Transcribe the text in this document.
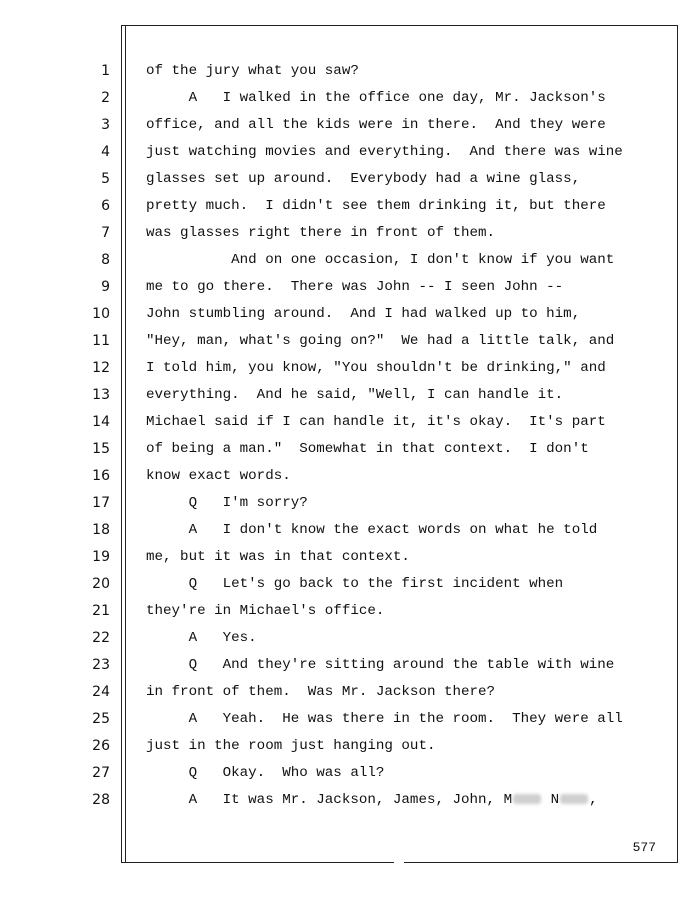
1
2
3
4
5
6
7
8
9
10
11
12
13
14
15
16
17
18
19
20
21
22
23
24
25
26
27
28
of the jury what you saw?
A   I walked in the office one day, Mr. Jackson's
office, and all the kids were in there.  And they were
just watching movies and everything.  And there was wine
glasses set up around.  Everybody had a wine glass,
pretty much.  I didn't see them drinking it, but there
was glasses right there in front of them.
And on one occasion, I don't know if you want
me to go there.  There was John -- I seen John --
John stumbling around.  And I had walked up to him,
"Hey, man, what's going on?"  We had a little talk, and
I told him, you know, "You shouldn't be drinking," and
everything.  And he said, "Well, I can handle it.
Michael said if I can handle it, it's okay.  It's part
of being a man."  Somewhat in that context.  I don't
know exact words.
Q   I'm sorry?
A   I don't know the exact words on what he told
me, but it was in that context.
Q   Let's go back to the first incident when
they're in Michael's office.
A   Yes.
Q   And they're sitting around the table with wine
in front of them.  Was Mr. Jackson there?
A   Yeah.  He was there in the room.  They were all
just in the room just hanging out.
Q   Okay.  Who was all?
A   It was Mr. Jackson, James, John, M N ,
577
